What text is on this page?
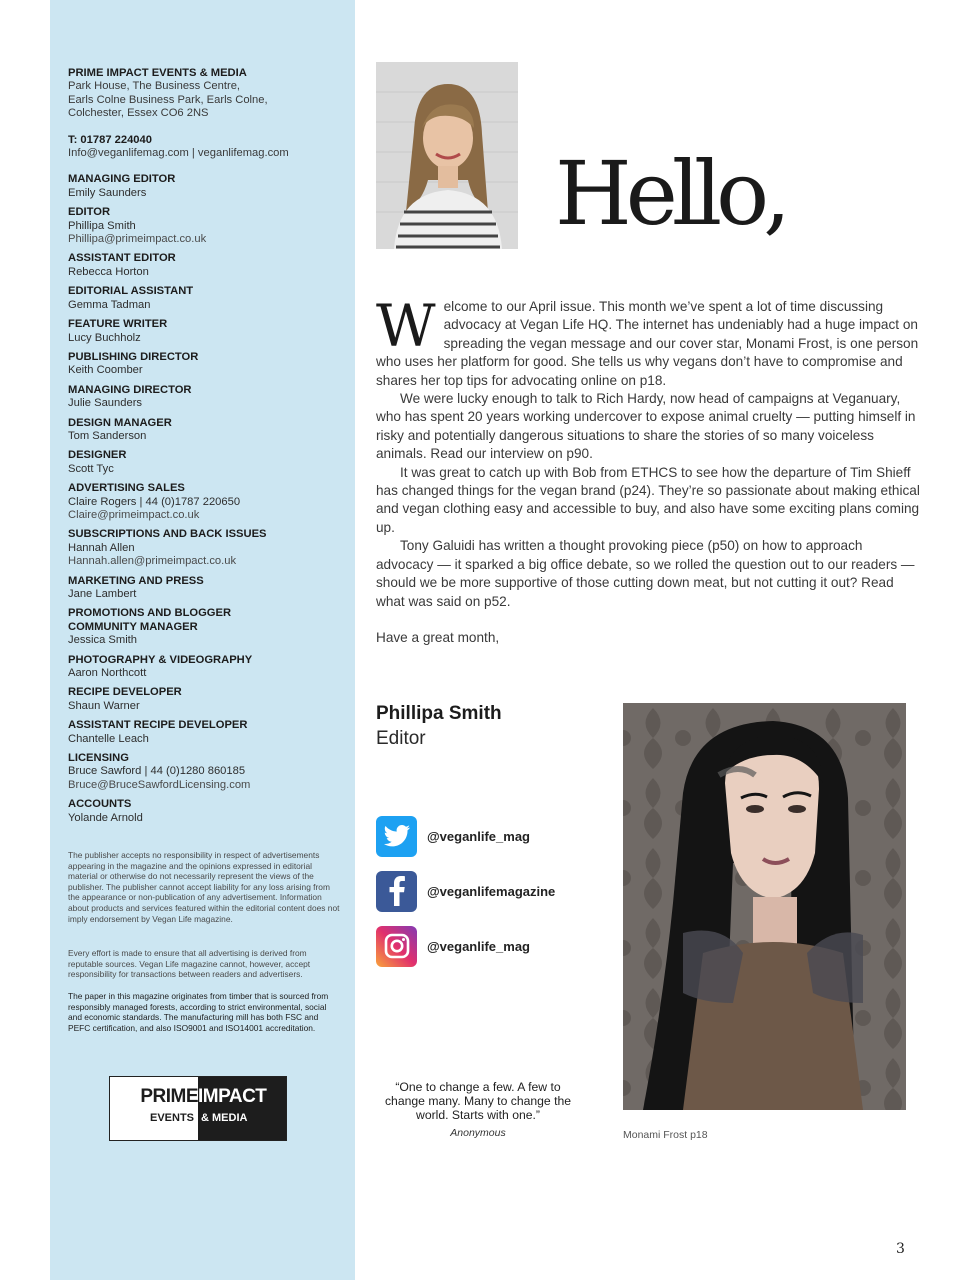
PRIME IMPACT EVENTS & MEDIA
Park House, The Business Centre,
Earls Colne Business Park, Earls Colne,
Colchester, Essex CO6 2NS
T: 01787 224040
Info@veganlifemag.com | veganlifemag.com
MANAGING EDITOR
Emily Saunders
EDITOR
Phillipa Smith
Phillipa@primeimpact.co.uk
ASSISTANT EDITOR
Rebecca Horton
EDITORIAL ASSISTANT
Gemma Tadman
FEATURE WRITER
Lucy Buchholz
PUBLISHING DIRECTOR
Keith Coomber
MANAGING DIRECTOR
Julie Saunders
DESIGN MANAGER
Tom Sanderson
DESIGNER
Scott Tyc
ADVERTISING SALES
Claire Rogers | 44 (0)1787 220650
Claire@primeimpact.co.uk
SUBSCRIPTIONS AND BACK ISSUES
Hannah Allen
Hannah.allen@primeimpact.co.uk
MARKETING AND PRESS
Jane Lambert
PROMOTIONS AND BLOGGER COMMUNITY MANAGER
Jessica Smith
PHOTOGRAPHY & VIDEOGRAPHY
Aaron Northcott
RECIPE DEVELOPER
Shaun Warner
ASSISTANT RECIPE DEVELOPER
Chantelle Leach
LICENSING
Bruce Sawford | 44 (0)1280 860185
Bruce@BruceSawfordLicensing.com
ACCOUNTS
Yolande Arnold
The publisher accepts no responsibility in respect of advertisements appearing in the magazine and the opinions expressed in editorial material or otherwise do not necessarily represent the views of the publisher. The publisher cannot accept liability for any loss arising from the appearance or non-publication of any advertisement. Information about products and services featured within the editorial content does not imply endorsement by Vegan Life magazine.
Every effort is made to ensure that all advertising is derived from reputable sources. Vegan Life magazine cannot, however, accept responsibility for transactions between readers and advertisers.
The paper in this magazine originates from timber that is sourced from responsibly managed forests, according to strict environmental, social and economic standards. The manufacturing mill has both FSC and PEFC certification, and also ISO9001 and ISO14001 accreditation.
PRIME
EVENTS
IMPACT
& MEDIA
Hello,

Welcome to our April issue. This month we’ve spent a lot of time discussing advocacy at Vegan Life HQ. The internet has undeniably had a huge impact on spreading the vegan message and our cover star, Monami Frost, is one person who uses her platform for good. She tells us why vegans don’t have to compromise and shares her top tips for advocating online on p18.

We were lucky enough to talk to Rich Hardy, now head of campaigns at Veganuary, who has spent 20 years working undercover to expose animal cruelty — putting himself in risky and potentially dangerous situations to share the stories of so many voiceless animals. Read our interview on p90.

It was great to catch up with Bob from ETHCS to see how the departure of Tim Shieff has changed things for the vegan brand (p24). They’re so passionate about making ethical and vegan clothing easy and accessible to buy, and also have some exciting plans coming up.

Tony Galuidi has written a thought provoking piece (p50) on how to approach advocacy — it sparked a big office debate, so we rolled the question out to our readers — should we be more supportive of those cutting down meat, but not cutting it out? Read what was said on p52.

Have a great month,

Phillipa Smith
Editor
@veganlife_mag
@veganlifemagazine
@veganlife_mag
“One to change a few. A few to change many. Many to change the world. Starts with one.”
Anonymous	Monami Frost p18
3
